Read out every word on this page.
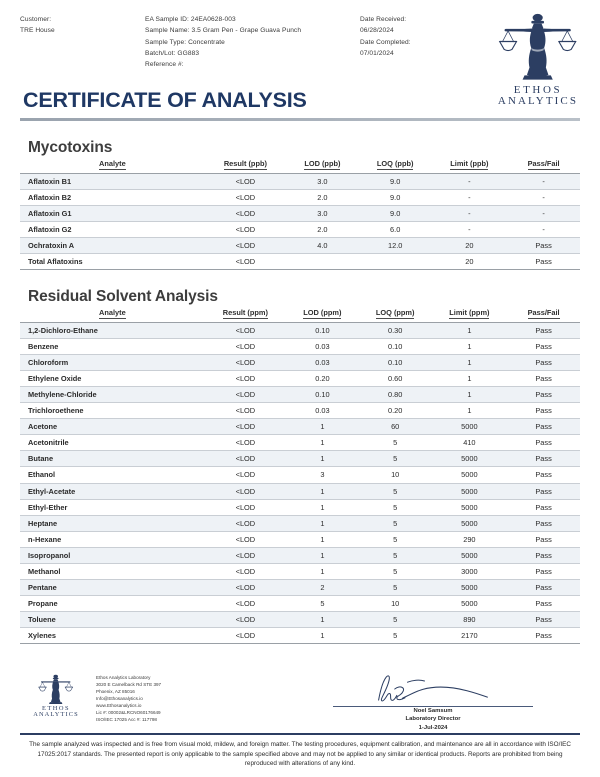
Customer:
TRE House
EA Sample ID: 24EA0628-003
Sample Name: 3.5 Gram Pen - Grape Guava Punch
Sample Type: Concentrate
Batch/Lot: GG883
Reference #:
Date Received:
06/28/2024
Date Completed:
07/01/2024
ETHOS
ANALYTICS
CERTIFICATE OF ANALYSIS
Mycotoxins
Analyte	Result (ppb)	LOD (ppb)	LOQ (ppb)	Limit (ppb)	Pass/Fail
Aflatoxin B1	<LOD	3.0	9.0	-	-
Aflatoxin B2	<LOD	2.0	9.0	-	-
Aflatoxin G1	<LOD	3.0	9.0	-	-
Aflatoxin G2	<LOD	2.0	6.0	-	-
Ochratoxin A	<LOD	4.0	12.0	20	Pass
Total Aflatoxins	<LOD			20	Pass
Residual Solvent Analysis
Analyte	Result (ppm)	LOD (ppm)	LOQ (ppm)	Limit (ppm)	Pass/Fail
1,2-Dichloro-Ethane	<LOD	0.10	0.30	1	Pass
Benzene	<LOD	0.03	0.10	1	Pass
Chloroform	<LOD	0.03	0.10	1	Pass
Ethylene Oxide	<LOD	0.20	0.60	1	Pass
Methylene-Chloride	<LOD	0.10	0.80	1	Pass
Trichloroethene	<LOD	0.03	0.20	1	Pass
Acetone	<LOD	1	60	5000	Pass
Acetonitrile	<LOD	1	5	410	Pass
Butane	<LOD	1	5	5000	Pass
Ethanol	<LOD	3	10	5000	Pass
Ethyl-Acetate	<LOD	1	5	5000	Pass
Ethyl-Ether	<LOD	1	5	5000	Pass
Heptane	<LOD	1	5	5000	Pass
n-Hexane	<LOD	1	5	290	Pass
Isopropanol	<LOD	1	5	5000	Pass
Methanol	<LOD	1	5	3000	Pass
Pentane	<LOD	2	5	5000	Pass
Propane	<LOD	5	10	5000	Pass
Toluene	<LOD	1	5	890	Pass
Xylenes	<LOD	1	5	2170	Pass
ETHOS
ANALYTICS
Ethos Analytics Laboratory
3020 E Camelback Rd STE 397
Phoenix, AZ 85016
Info@Ethosanalytics.io
www.Ethosanalytics.io
Lic #: 00002&LRCNO60176649
ISO/IEC 17025 Acc #: 117798
Noel Samsum
Laboratory Director
1-Jul-2024
The sample analyzed was inspected and is free from visual mold, mildew, and foreign matter. The testing procedures, equipment calibration, and maintenance are all in accordance with ISO/IEC 17025:2017 standards. The presented report is only applicable to the sample specified above and may not be applied to any similar or identical products. Reports are prohibited from being reproduced with alterations of any kind.
